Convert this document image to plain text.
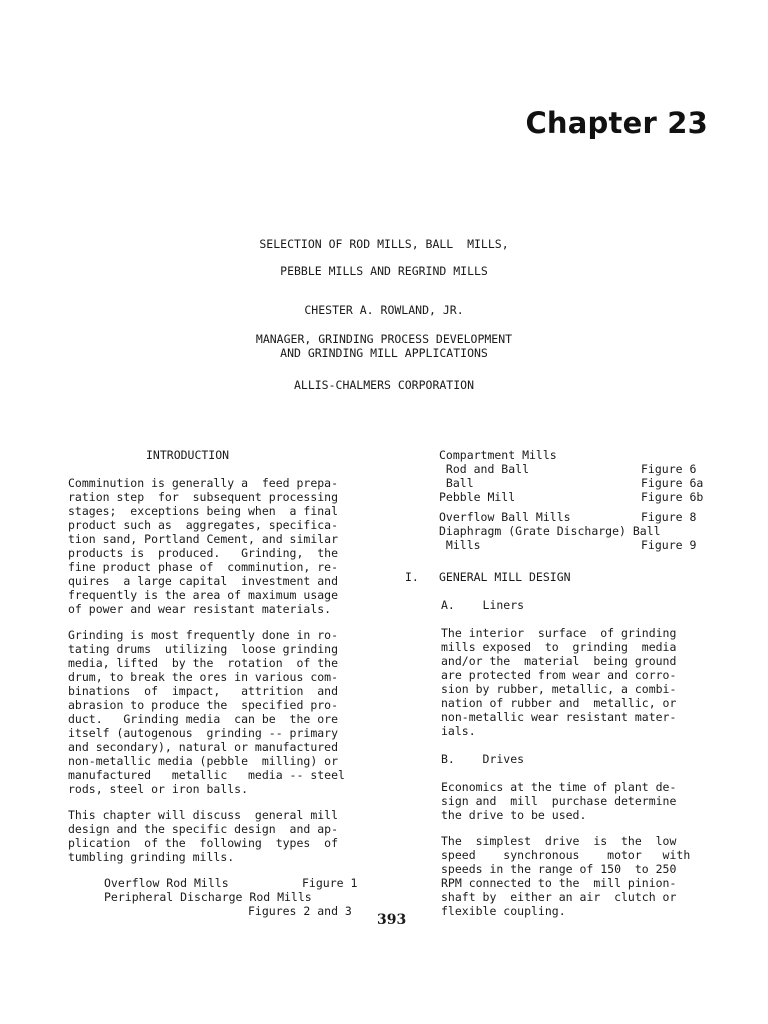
Chapter 23
SELECTION OF ROD MILLS, BALL  MILLS,
PEBBLE MILLS AND REGRIND MILLS
CHESTER A. ROWLAND, JR.
MANAGER, GRINDING PROCESS DEVELOPMENT
AND GRINDING MILL APPLICATIONS
ALLIS-CHALMERS CORPORATION
INTRODUCTION
Comminution is generally a  feed prepa-
ration step  for  subsequent processing
stages;  exceptions being when  a final
product such as  aggregates, specifica-
tion sand, Portland Cement, and similar
products is  produced.   Grinding,  the
fine product phase of  comminution, re-
quires  a large capital  investment and
frequently is the area of maximum usage
of power and wear resistant materials.
Grinding is most frequently done in ro-
tating drums  utilizing  loose grinding
media, lifted  by the  rotation  of the
drum, to break the ores in various com-
binations  of  impact,   attrition  and
abrasion to produce the  specified pro-
duct.   Grinding media  can be  the ore
itself (autogenous  grinding -- primary
and secondary), natural or manufactured
non-metallic media (pebble  milling) or
manufactured   metallic   media -- steel
rods, steel or iron balls.
This chapter will discuss  general mill
design and the specific design  and ap-
plication  of the  following  types  of
tumbling grinding mills.
Overflow Rod Mills	Figure 1
Peripheral Discharge Rod Mills
Figures 2 and 3
Compartment Mills
Rod and Ball	Figure 6
Ball	Figure 6a
Pebble Mill	Figure 6b
Overflow Ball Mills	Figure 8
Diaphragm (Grate Discharge) Ball
Mills	Figure 9
I.	GENERAL MILL DESIGN
A.    Liners
The interior  surface  of grinding
mills exposed  to  grinding  media
and/or the  material  being ground
are protected from wear and corro-
sion by rubber, metallic, a combi-
nation of rubber and  metallic, or
non-metallic wear resistant mater-
ials.
B.    Drives
Economics at the time of plant de-
sign and  mill  purchase determine
the drive to be used.
The  simplest  drive  is  the  low
speed    synchronous    motor   with
speeds in the range of 150  to 250
RPM connected to the  mill pinion-
shaft by  either an air  clutch or
flexible coupling.
393
